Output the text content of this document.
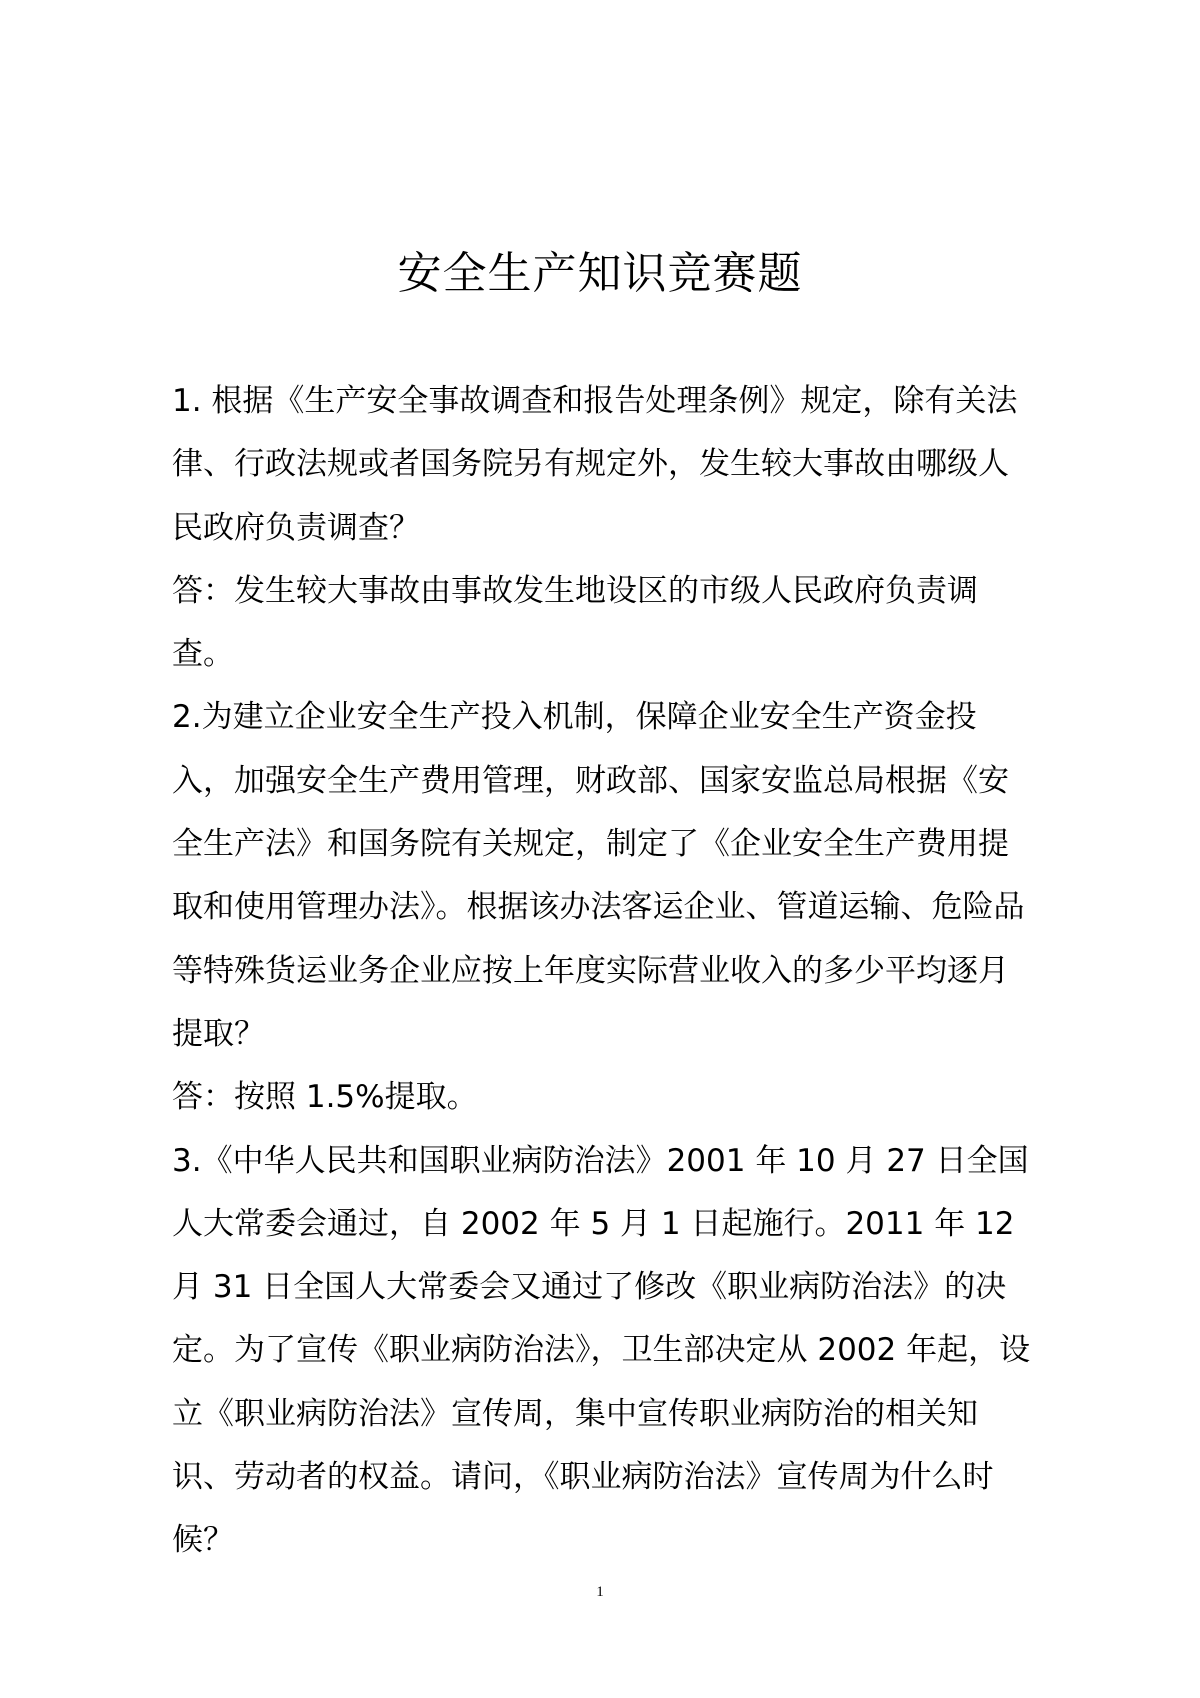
安全生产知识竞赛题

1. 根据《生产安全事故调查和报告处理条例》规定，除有关法律、行政法规或者国务院另有规定外，发生较大事故由哪级人民政府负责调查？

答：发生较大事故由事故发生地设区的市级人民政府负责调查。

2.为建立企业安全生产投入机制，保障企业安全生产资金投入，加强安全生产费用管理，财政部、国家安监总局根据《安全生产法》和国务院有关规定，制定了《企业安全生产费用提取和使用管理办法》。根据该办法客运企业、管道运输、危险品等特殊货运业务企业应按上年度实际营业收入的多少平均逐月提取？

答：按照 1.5%提取。

3.《中华人民共和国职业病防治法》2001 年 10 月 27 日全国人大常委会通过，自 2002 年 5 月 1 日起施行。2011 年 12 月 31 日全国人大常委会又通过了修改《职业病防治法》的决定。为了宣传《职业病防治法》，卫生部决定从 2002 年起，设立《职业病防治法》宣传周，集中宣传职业病防治的相关知识、劳动者的权益。请问，《职业病防治法》宣传周为什么时候？

1
